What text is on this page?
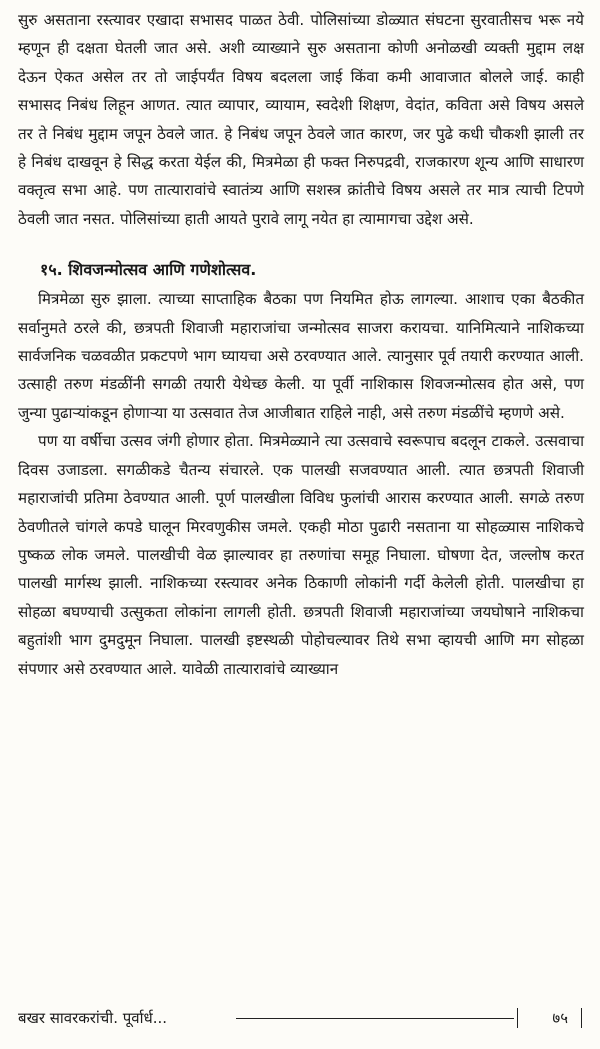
सुरु असताना रस्त्यावर एखादा सभासद पाळत ठेवी. पोलिसांच्या डोळ्यात संघटना सुरवातीसच भरू नये म्हणून ही दक्षता घेतली जात असे. अशी व्याख्याने सुरु असताना कोणी अनोळखी व्यक्ती मुद्दाम लक्ष देऊन ऐकत असेल तर तो जाईपर्यंत विषय बदलला जाई किंवा कमी आवाजात बोलले जाई. काही सभासद निबंध लिहून आणत. त्यात व्यापार, व्यायाम, स्वदेशी शिक्षण, वेदांत, कविता असे विषय असले तर ते निबंध मुद्दाम जपून ठेवले जात. हे निबंध जपून ठेवले जात कारण, जर पुढे कधी चौकशी झाली तर हे निबंध दाखवून हे सिद्ध करता येईल की, मित्रमेळा ही फक्त निरुपद्रवी, राजकारण शून्य आणि साधारण वक्तृत्व सभा आहे. पण तात्यारावांचे स्वातंत्र्य आणि सशस्त्र क्रांतीचे विषय असले तर मात्र त्याची टिपणे ठेवली जात नसत. पोलिसांच्या हाती आयते पुरावे लागू नयेत हा त्यामागचा उद्देश असे.

१५. शिवजन्मोत्सव आणि गणेशोत्सव.

मित्रमेळा सुरु झाला. त्याच्या साप्ताहिक बैठका पण नियमित होऊ लागल्या. आशाच एका बैठकीत सर्वानुमते ठरले की, छत्रपती शिवाजी महाराजांचा जन्मोत्सव साजरा करायचा. यानिमित्याने नाशिकच्या सार्वजनिक चळवळीत प्रकटपणे भाग घ्यायचा असे ठरवण्यात आले. त्यानुसार पूर्व तयारी करण्यात आली. उत्साही तरुण मंडळींनी सगळी तयारी येथेच्छ केली. या पूर्वी नाशिकास शिवजन्मोत्सव होत असे, पण जुन्या पुढाऱ्यांकडून होणाऱ्या या उत्सवात तेज आजीबात राहिले नाही, असे तरुण मंडळींचे म्हणणे असे.

पण या वर्षीचा उत्सव जंगी होणार होता. मित्रमेळ्याने त्या उत्सवाचे स्वरूपाच बदलून टाकले. उत्सवाचा दिवस उजाडला. सगळीकडे चैतन्य संचारले. एक पालखी सजवण्यात आली. त्यात छत्रपती शिवाजी महाराजांची प्रतिमा ठेवण्यात आली. पूर्ण पालखीला विविध फुलांची आरास करण्यात आली. सगळे तरुण ठेवणीतले चांगले कपडे घालून मिरवणुकीस जमले. एकही मोठा पुढारी नसताना या सोहळ्यास नाशिकचे पुष्कळ लोक जमले. पालखीची वेळ झाल्यावर हा तरुणांचा समूह निघाला. घोषणा देत, जल्लोष करत पालखी मार्गस्थ झाली. नाशिकच्या रस्त्यावर अनेक ठिकाणी लोकांनी गर्दी केलेली होती. पालखीचा हा सोहळा बघण्याची उत्सुकता लोकांना लागली होती. छत्रपती शिवाजी महाराजांच्या जयघोषाने नाशिकचा बहुतांशी भाग दुमदुमून निघाला. पालखी इष्टस्थळी पोहोचल्यावर तिथे सभा व्हायची आणि मग सोहळा संपणार असे ठरवण्यात आले. यावेळी तात्यारावांचे व्याख्यान

बखर सावरकरांची. पूर्वार्ध...	७५
